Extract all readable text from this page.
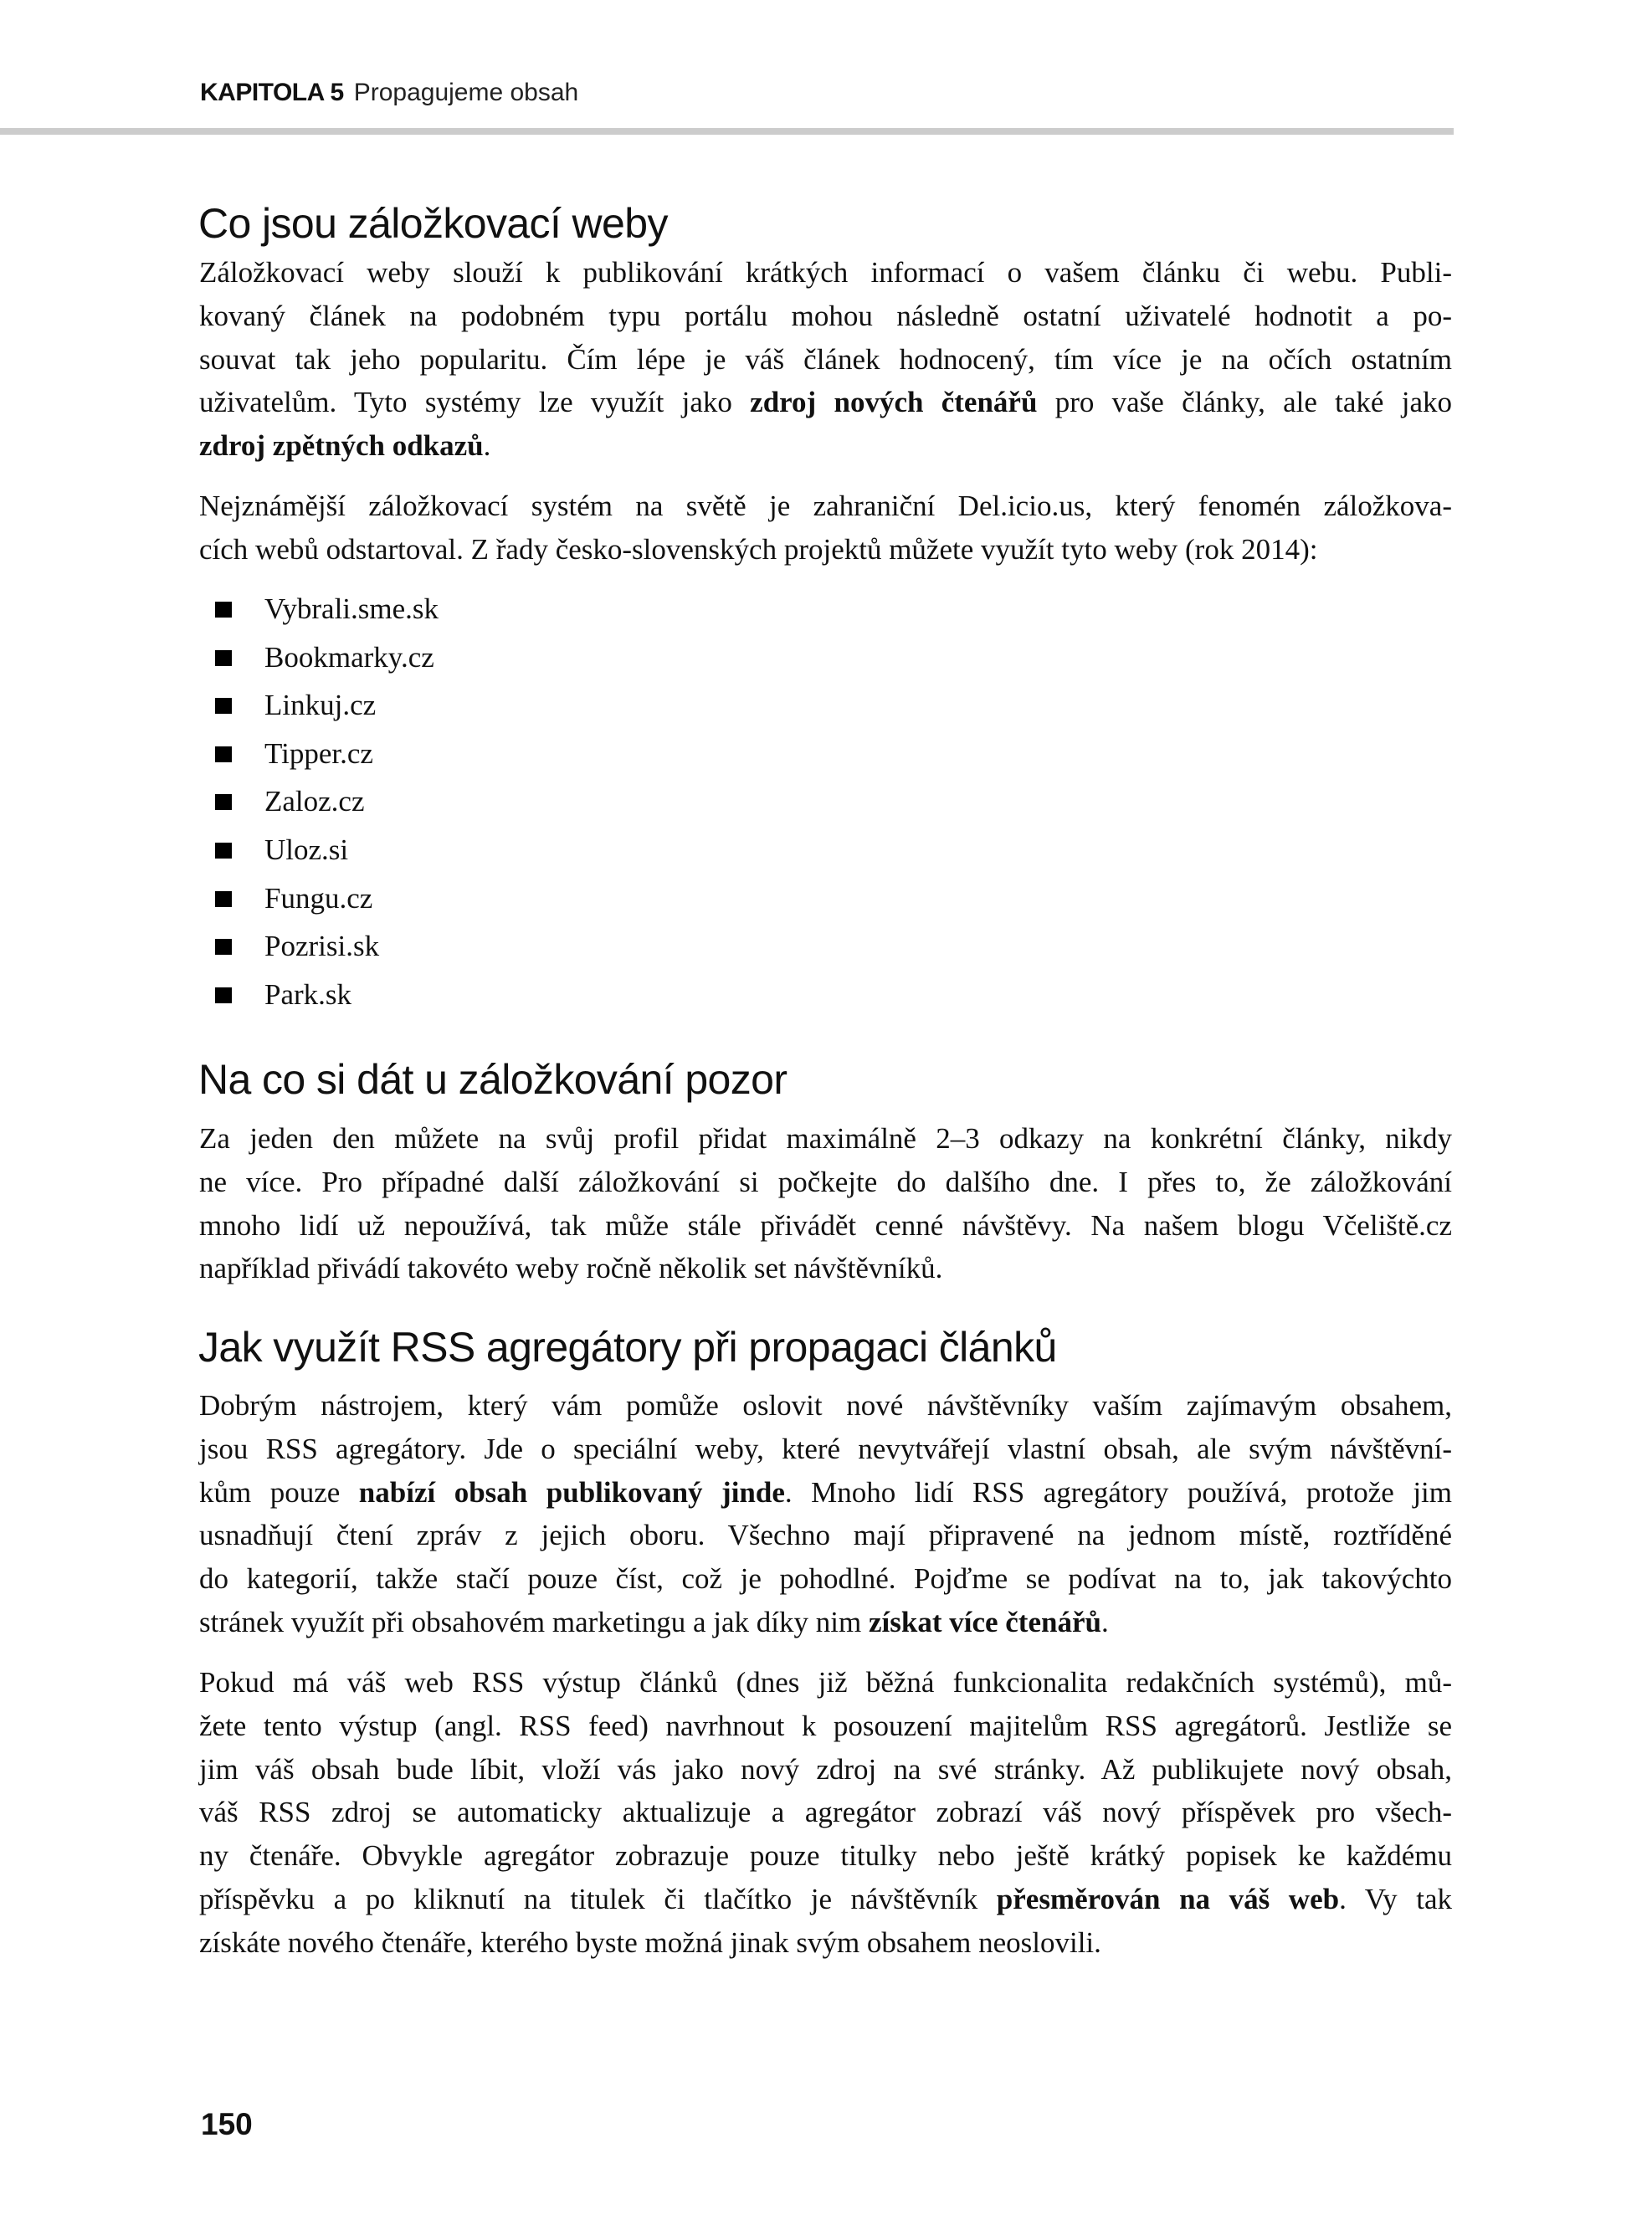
KAPITOLA 5 Propagujeme obsah
Co jsou záložkovací weby
Záložkovací weby slouží k publikování krátkých informací o vašem článku či webu. Publi-
kovaný článek na podobném typu portálu mohou následně ostatní uživatelé hodnotit a po-
souvat tak jeho popularitu. Čím lépe je váš článek hodnocený, tím více je na očích ostatním
uživatelům. Tyto systémy lze využít jako zdroj nových čtenářů pro vaše články, ale také jako
zdroj zpětných odkazů.
Nejznámější záložkovací systém na světě je zahraniční Del.icio.us, který fenomén záložkova-
cích webů odstartoval. Z řady česko-slovenských projektů můžete využít tyto weby (rok 2014):
Vybrali.sme.sk
Bookmarky.cz
Linkuj.cz
Tipper.cz
Zaloz.cz
Uloz.si
Fungu.cz
Pozrisi.sk
Park.sk
Na co si dát u záložkování pozor
Za jeden den můžete na svůj profil přidat maximálně 2–3 odkazy na konkrétní články, nikdy
ne více. Pro případné další záložkování si počkejte do dalšího dne. I přes to, že záložkování
mnoho lidí už nepoužívá, tak může stále přivádět cenné návštěvy. Na našem blogu Včeliště.cz
například přivádí takovéto weby ročně několik set návštěvníků.
Jak využít RSS agregátory při propagaci článků
Dobrým nástrojem, který vám pomůže oslovit nové návštěvníky vaším zajímavým obsahem,
jsou RSS agregátory. Jde o speciální weby, které nevytvářejí vlastní obsah, ale svým návštěvní-
kům pouze nabízí obsah publikovaný jinde. Mnoho lidí RSS agregátory používá, protože jim
usnadňují čtení zpráv z jejich oboru. Všechno mají připravené na jednom místě, roztříděné
do kategorií, takže stačí pouze číst, což je pohodlné. Pojďme se podívat na to, jak takovýchto
stránek využít při obsahovém marketingu a jak díky nim získat více čtenářů.
Pokud má váš web RSS výstup článků (dnes již běžná funkcionalita redakčních systémů), mů-
žete tento výstup (angl. RSS feed) navrhnout k posouzení majitelům RSS agregátorů. Jestliže se
jim váš obsah bude líbit, vloží vás jako nový zdroj na své stránky. Až publikujete nový obsah,
váš RSS zdroj se automaticky aktualizuje a agregátor zobrazí váš nový příspěvek pro všech-
ny čtenáře. Obvykle agregátor zobrazuje pouze titulky nebo ještě krátký popisek ke každému
příspěvku a po kliknutí na titulek či tlačítko je návštěvník přesměrován na váš web. Vy tak
získáte nového čtenáře, kterého byste možná jinak svým obsahem neoslovili.
150
